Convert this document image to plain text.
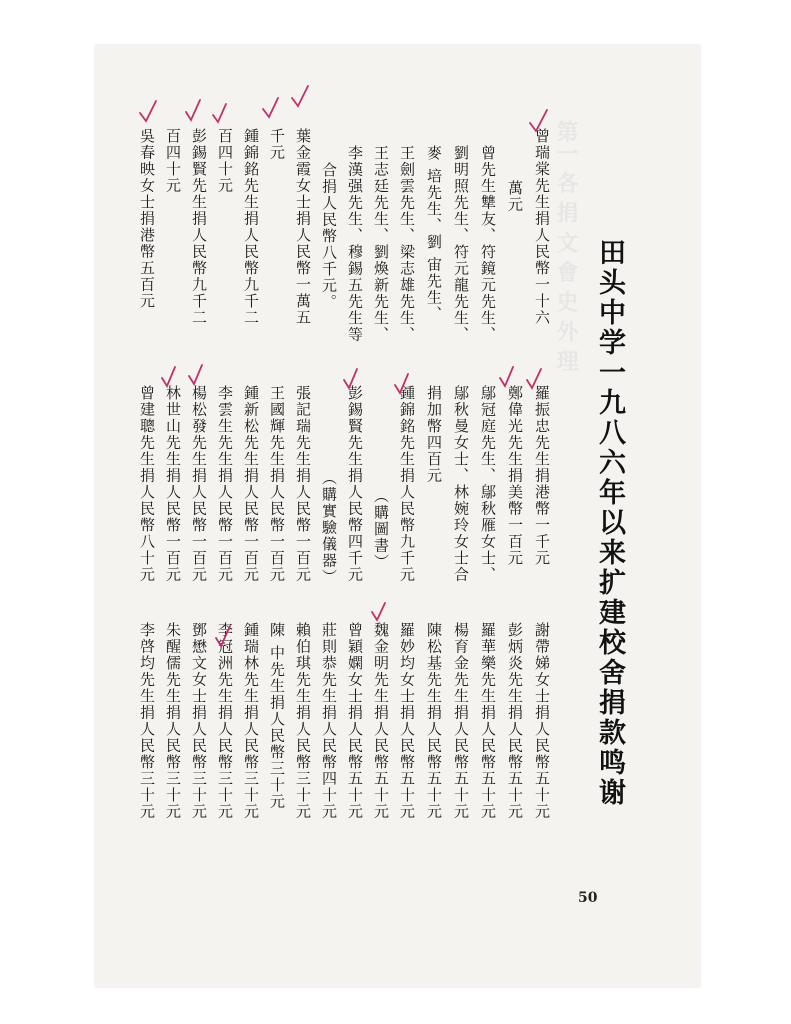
田头中学一九八六年以来扩建校舍捐款鸣谢
謝帶娣女士捐人民幣五十元
彭炳炎先生捐人民幣五十元
羅華樂先生捐人民幣五十元
楊育金先生捐人民幣五十元
陳松基先生捐人民幣五十元
羅妙均女士捐人民幣五十元
魏金明先生捐人民幣五十元
曾穎嫻女士捐人民幣五十元
莊則恭先生捐人民幣四十元
賴伯琪先生捐人民幣三十元
陳 中先生捐人民幣三十元
鍾瑞林先生捐人民幣三十元
李冠洲先生捐人民幣三十元
鄧懋文女士捐人民幣三十元
朱醒儒先生捐人民幣三十元
李啓均先生捐人民幣三十元
羅振忠先生捐港幣一千元
鄭偉光先生捐美幣一百元
鄔冠庭先生、鄔秋雁女士、
鄔秋曼女士、林婉玲女士合
捐加幣四百元
鍾錦銘先生捐人民幣九千元
（購圖書）
彭錫賢先生捐人民幣四千元
（購實驗儀器）
張記瑞先生捐人民幣一百元
王國輝先生捐人民幣一百元
鍾新松先生捐人民幣一百元
李雲生先生捐人民幣一百元
楊松發先生捐人民幣一百元
林世山先生捐人民幣一百元
曾建聰先生捐人民幣八十元
曾瑞棠先生捐人民幣一十六
萬元
曾先生犨友、符鏡元先生、
劉明照先生、符元龍先生、
麥 培先生、劉 宙先生、
王劍雲先生、梁志雄先生、
王志廷先生、劉煥新先生、
李漢强先生、穆錫五先生等
合捐人民幣八千元。
葉金霞女士捐人民幣一萬五
千元
鍾錦銘先生捐人民幣九千二
百四十元
彭錫賢先生捐人民幣九千二
百四十元
吳春映女士捐港幣五百元
50
